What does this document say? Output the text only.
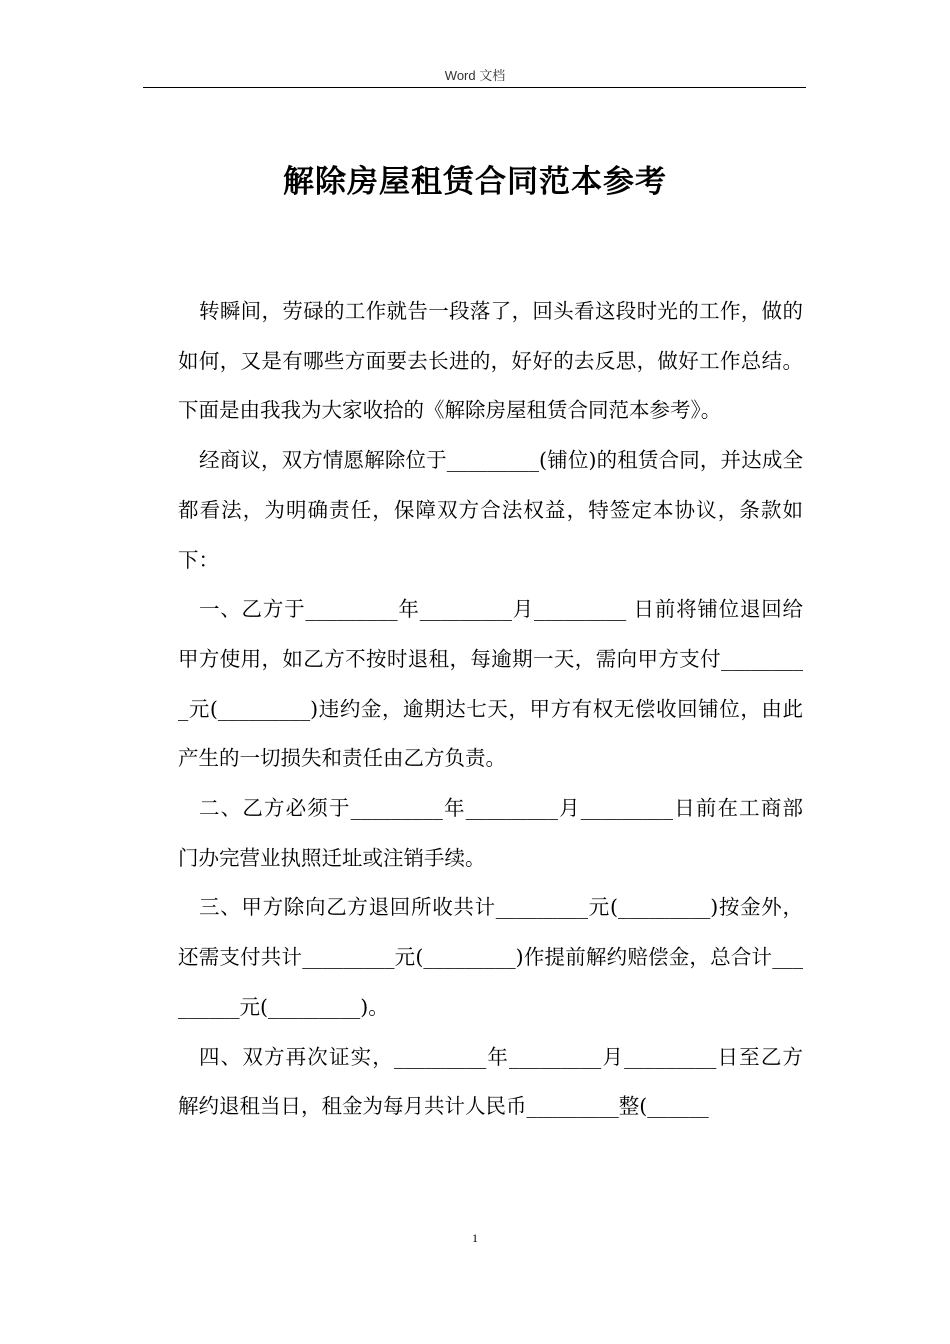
Word 文档
解除房屋租赁合同范本参考

转瞬间，劳碌的工作就告一段落了，回头看这段时光的工作，做的如何，又是有哪些方面要去长进的，好好的去反思，做好工作总结。下面是由我我为大家收拾的《解除房屋租赁合同范本参考》。

经商议，双方情愿解除位于_________(铺位)的租赁合同，并达成全都看法，为明确责任，保障双方合法权益，特签定本协议，条款如下：

一、乙方于_________年_________月_________ 日前将铺位退回给甲方使用，如乙方不按时退租，每逾期一天，需向甲方支付_________元(_________)违约金，逾期达七天，甲方有权无偿收回铺位，由此产生的一切损失和责任由乙方负责。

二、乙方必须于_________年_________月_________日前在工商部门办完营业执照迁址或注销手续。

三、甲方除向乙方退回所收共计_________元(_________)按金外，还需支付共计_________元(_________)作提前解约赔偿金，总合计_________元(_________)。

四、双方再次证实，_________年_________月_________日至乙方解约退租当日，租金为每月共计人民币_________整(______

1
